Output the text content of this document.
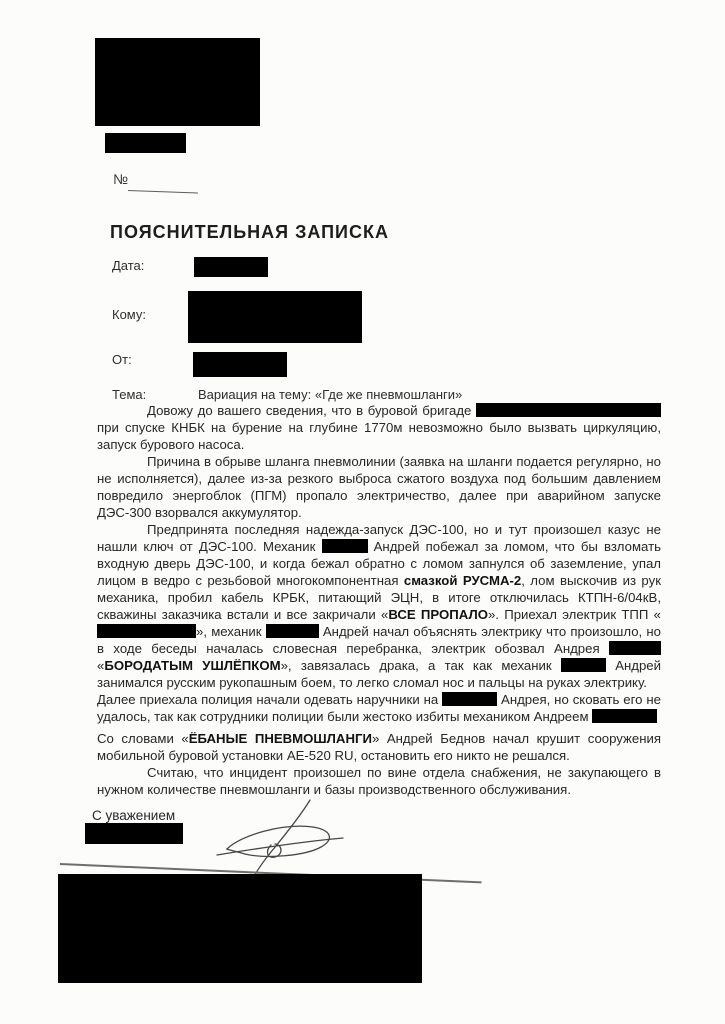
№
ПОЯСНИТЕЛЬНАЯ ЗАПИСКА
Дата:
Кому:
От:
Тема:	Вариация на тему: «Где же пневмошланги»
Довожу до вашего сведения, что в буровой бригаде  при спуске КНБК на бурение на глубине 1770м невозможно было вызвать циркуляцию, запуск бурового насоса.
Причина в обрыве шланга пневмолинии (заявка на шланги подается регулярно, но не исполняется), далее из-за резкого выброса сжатого воздуха под большим давлением повредило энергоблок (ПГМ) пропало электричество, далее при аварийном запуске ДЭС-300 взорвался аккумулятор.
Предпринята последняя надежда-запуск ДЭС-100, но и тут произошел казус не нашли ключ от ДЭС-100. Механик	Андрей побежал за ломом, что бы взломать входную дверь ДЭС-100, и когда бежал обратно с ломом запнулся об заземление, упал лицом в ведро с резьбовой многокомпонентная смазкой РУСМА-2, лом выскочив из рук механика, пробил кабель КРБК, питающий ЭЦН, в итоге отключилась КТПН-6/04кВ, скважины заказчика встали и все закричали «ВСЕ ПРОПАЛО». Приехал электрик ТПП «», механик	Андрей начал объяснять электрику что произошло, но в ходе беседы началась словесная перебранка, электрик обозвал Андрея  «БОРОДАТЫМ УШЛЁПКОМ», завязалась драка, а так как механик	Андрей занимался русским рукопашным боем, то легко сломал нос и пальцы на руках электрику.
Далее приехала полиция начали одевать наручники на	Андрея, но сковать его не удалось, так как сотрудники полиции были жестоко избиты механиком Андреем
Со словами «ЁБАНЫЕ ПНЕВМОШЛАНГИ» Андрей Беднов начал крушит сооружения мобильной буровой установки АЕ-520 RU, остановить его никто не решался.
Считаю, что инцидент произошел по вине отдела снабжения, не закупающего в нужном количестве пневмошланги и базы производственного обслуживания.
С уважением
